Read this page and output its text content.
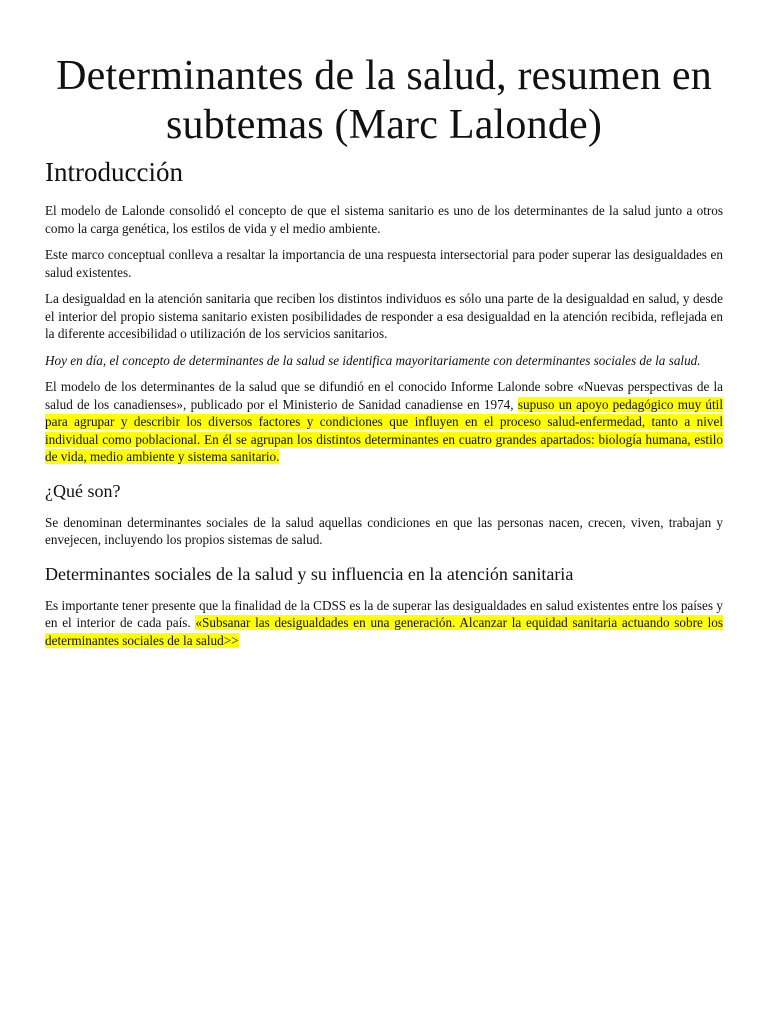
Determinantes de la salud, resumen en subtemas (Marc Lalonde)
Introducción

El modelo de Lalonde consolidó el concepto de que el sistema sanitario es uno de los determinantes de la salud junto a otros como la carga genética, los estilos de vida y el medio ambiente.

Este marco conceptual conlleva a resaltar la importancia de una respuesta intersectorial para poder superar las desigualdades en salud existentes.

La desigualdad en la atención sanitaria que reciben los distintos individuos es sólo una parte de la desigualdad en salud, y desde el interior del propio sistema sanitario existen posibilidades de responder a esa desigualdad en la atención recibida, reflejada en la diferente accesibilidad o utilización de los servicios sanitarios.

Hoy en día, el concepto de determinantes de la salud se identifica mayoritariamente con determinantes sociales de la salud.

El modelo de los determinantes de la salud que se difundió en el conocido Informe Lalonde sobre «Nuevas perspectivas de la salud de los canadienses», publicado por el Ministerio de Sanidad canadiense en 1974, supuso un apoyo pedagógico muy útil para agrupar y describir los diversos factores y condiciones que influyen en el proceso salud-enfermedad, tanto a nivel individual como poblacional. En él se agrupan los distintos determinantes en cuatro grandes apartados: biología humana, estilo de vida, medio ambiente y sistema sanitario.

¿Qué son?

Se denominan determinantes sociales de la salud aquellas condiciones en que las personas nacen, crecen, viven, trabajan y envejecen, incluyendo los propios sistemas de salud.

Determinantes sociales de la salud y su influencia en la atención sanitaria

Es importante tener presente que la finalidad de la CDSS es la de superar las desigualdades en salud existentes entre los países y en el interior de cada país. «Subsanar las desigualdades en una generación. Alcanzar la equidad sanitaria actuando sobre los determinantes sociales de la salud>>
